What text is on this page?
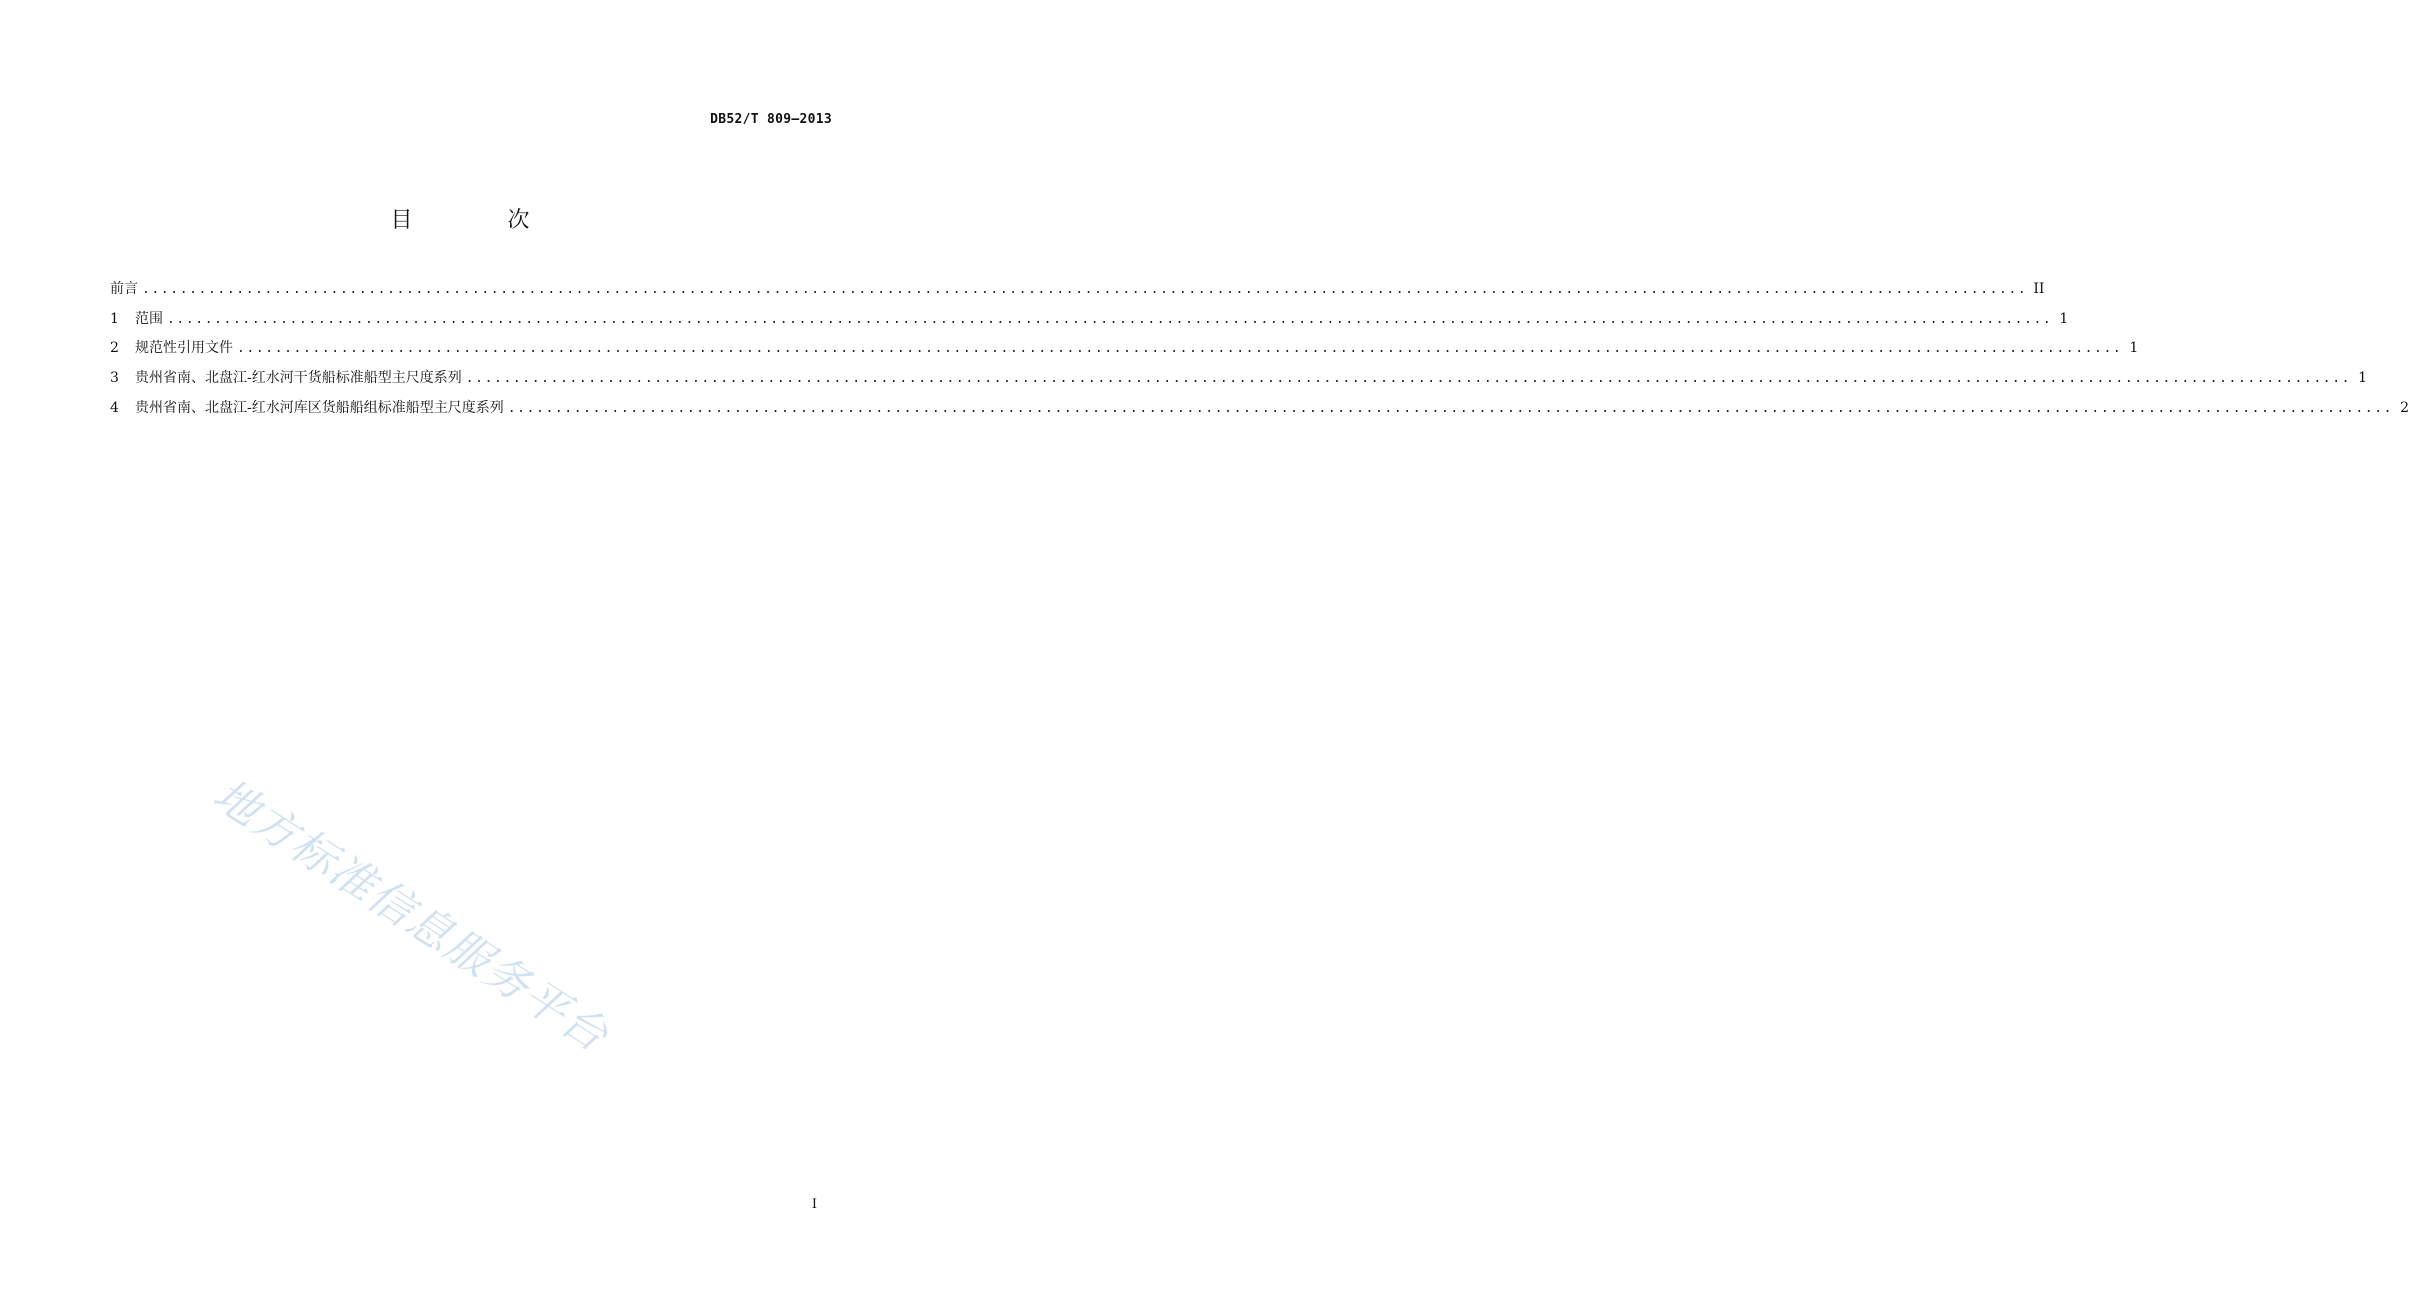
DB52/T 809—2013
目 次
前言 ........................................................................................................................................................................................................ II
1	范围 ........................................................................................................................................................................................................ 1
2	规范性引用文件 ........................................................................................................................................................................................................ 1
3	贵州省南、北盘江-红水河干货船标准船型主尺度系列 ........................................................................................................................................................................................................ 1
4	贵州省南、北盘江-红水河库区货船船组标准船型主尺度系列 ........................................................................................................................................................................................................ 2
地方标准信息服务平台
I
